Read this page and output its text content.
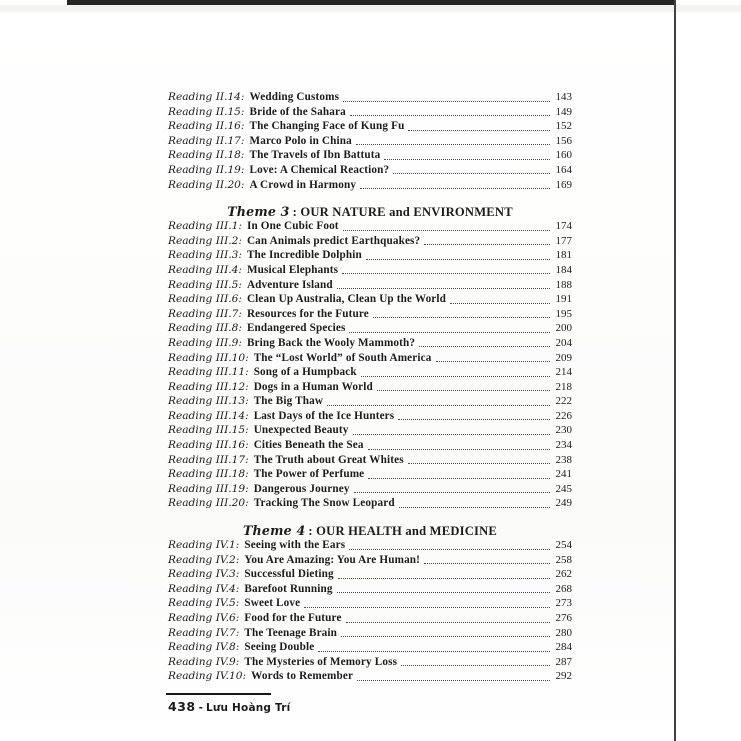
Reading II.14: Wedding Customs	143
Reading II.15: Bride of the Sahara	149
Reading II.16: The Changing Face of Kung Fu	152
Reading II.17: Marco Polo in China	156
Reading II.18: The Travels of Ibn Battuta	160
Reading II.19: Love: A Chemical Reaction?	164
Reading II.20: A Crowd in Harmony	169
Theme 3 : OUR NATURE and ENVIRONMENT
Reading III.1: In One Cubic Foot	174
Reading III.2: Can Animals predict Earthquakes?	177
Reading III.3: The Incredible Dolphin	181
Reading III.4: Musical Elephants	184
Reading III.5: Adventure Island	188
Reading III.6: Clean Up Australia, Clean Up the World	191
Reading III.7: Resources for the Future	195
Reading III.8: Endangered Species	200
Reading III.9: Bring Back the Wooly Mammoth?	204
Reading III.10: The “Lost World” of South America	209
Reading III.11: Song of a Humpback	214
Reading III.12: Dogs in a Human World	218
Reading III.13: The Big Thaw	222
Reading III.14: Last Days of the Ice Hunters	226
Reading III.15: Unexpected Beauty	230
Reading III.16: Cities Beneath the Sea	234
Reading III.17: The Truth about Great Whites	238
Reading III.18: The Power of Perfume	241
Reading III.19: Dangerous Journey	245
Reading III.20: Tracking The Snow Leopard	249
Theme 4 : OUR HEALTH and MEDICINE
Reading IV.1: Seeing with the Ears	254
Reading IV.2: You Are Amazing: You Are Human!	258
Reading IV.3: Successful Dieting	262
Reading IV.4: Barefoot Running	268
Reading IV.5: Sweet Love	273
Reading IV.6: Food for the Future	276
Reading IV.7: The Teenage Brain	280
Reading IV.8: Seeing Double	284
Reading IV.9: The Mysteries of Memory Loss	287
Reading IV.10: Words to Remember	292
438 - Lưu Hoàng Trí
